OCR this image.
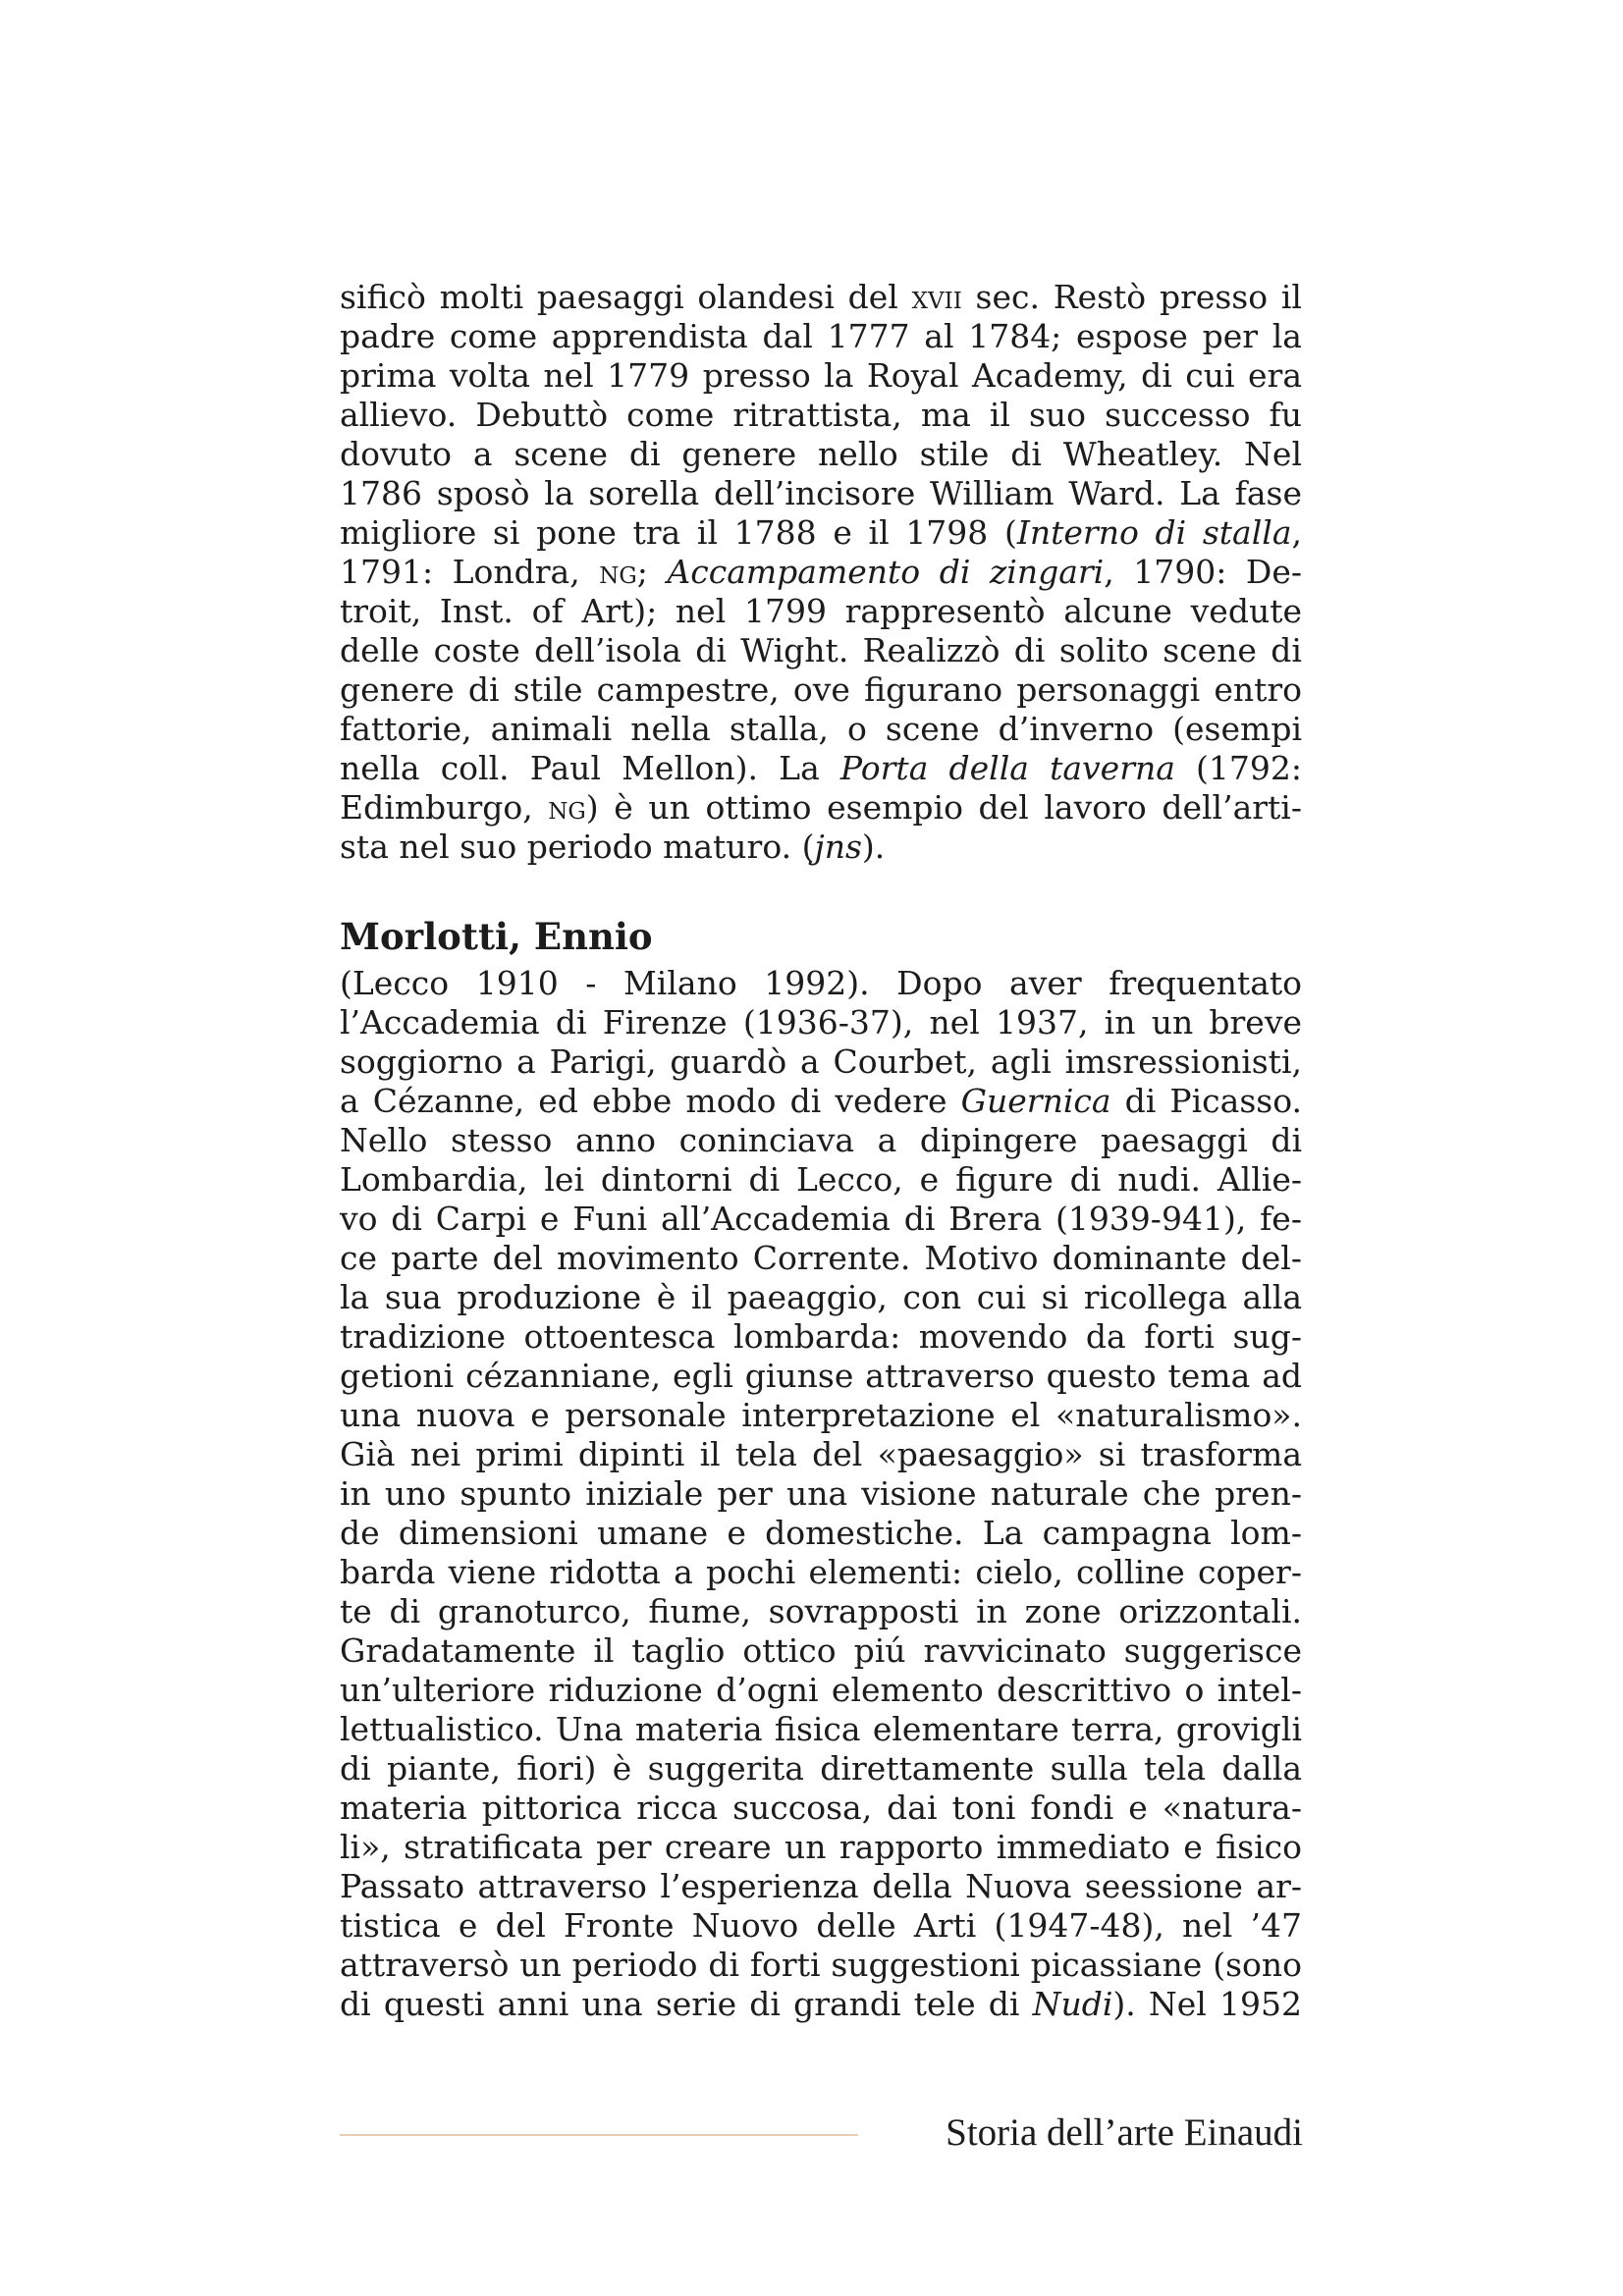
sificò molti paesaggi olandesi del xvii sec. Restò presso il
padre come apprendista dal 1777 al 1784; espose per la
prima volta nel 1779 presso la Royal Academy, di cui era
allievo. Debuttò come ritrattista, ma il suo successo fu
dovuto a scene di genere nello stile di Wheatley. Nel
1786 sposò la sorella dell’incisore William Ward. La fase
migliore si pone tra il 1788 e il 1798 (Interno di stalla,
1791: Londra, ng; Accampamento di zingari, 1790: De-
troit, Inst. of Art); nel 1799 rappresentò alcune vedute
delle coste dell’isola di Wight. Realizzò di solito scene di
genere di stile campestre, ove figurano personaggi entro
fattorie, animali nella stalla, o scene d’inverno (esempi
nella coll. Paul Mellon). La Porta della taverna (1792:
Edimburgo, ng) è un ottimo esempio del lavoro dell’arti-
sta nel suo periodo maturo. (jns).
Morlotti, Ennio
(Lecco 1910 - Milano 1992). Dopo aver frequentato
l’Accademia di Firenze (1936-37), nel 1937, in un breve
soggiorno a Parigi, guardò a Courbet, agli imsressionisti,
a Cézanne, ed ebbe modo di vedere Guernica di Picasso.
Nello stesso anno coninciava a dipingere paesaggi di
Lombardia, lei dintorni di Lecco, e figure di nudi. Allie-
vo di Carpi e Funi all’Accademia di Brera (1939-941), fe-
ce parte del movimento Corrente. Motivo dominante del-
la sua produzione è il paeaggio, con cui si ricollega alla
tradizione ottoentesca lombarda: movendo da forti sug-
getioni cézanniane, egli giunse attraverso questo tema ad
una nuova e personale interpretazione el «naturalismo».
Già nei primi dipinti il tela del «paesaggio» si trasforma
in uno spunto iniziale per una visione naturale che pren-
de dimensioni umane e domestiche. La campagna lom-
barda viene ridotta a pochi elementi: cielo, colline coper-
te di granoturco, fiume, sovrapposti in zone orizzontali.
Gradatamente il taglio ottico piú ravvicinato suggerisce
un’ulteriore riduzione d’ogni elemento descrittivo o intel-
lettualistico. Una materia fisica elementare terra, grovigli
di piante, fiori) è suggerita direttamente sulla tela dalla
materia pittorica ricca succosa, dai toni fondi e «natura-
li», stratificata per creare un rapporto immediato e fisico
Passato attraverso l’esperienza della Nuova seessione ar-
tistica e del Fronte Nuovo delle Arti (1947-48), nel ’47
attraversò un periodo di forti suggestioni picassiane (sono
di questi anni una serie di grandi tele di Nudi). Nel 1952
Storia dell’arte Einaudi
